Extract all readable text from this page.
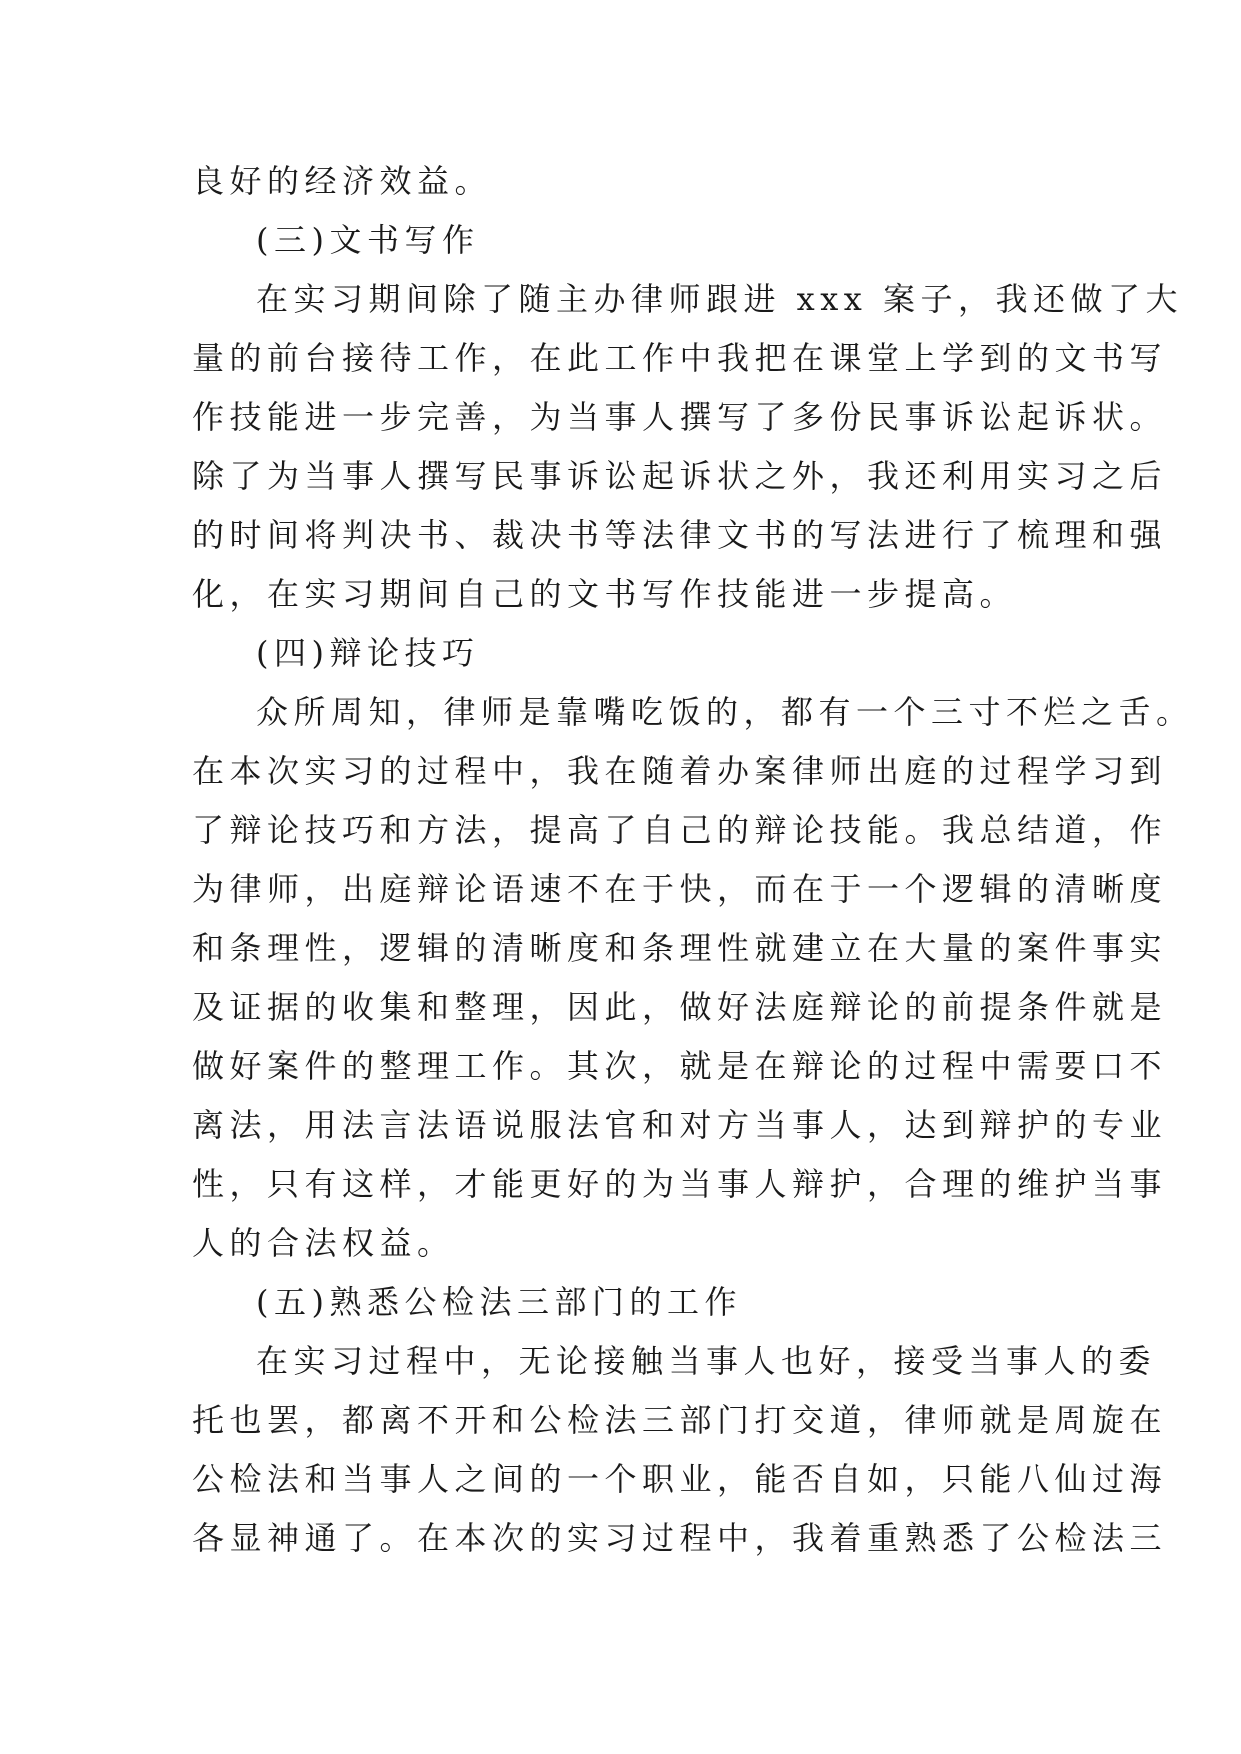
良好的经济效益。
(三)文书写作
在实习期间除了随主办律师跟进 xxx 案子，我还做了大
量的前台接待工作，在此工作中我把在课堂上学到的文书写
作技能进一步完善，为当事人撰写了多份民事诉讼起诉状。
除了为当事人撰写民事诉讼起诉状之外，我还利用实习之后
的时间将判决书、裁决书等法律文书的写法进行了梳理和强
化，在实习期间自己的文书写作技能进一步提高。
(四)辩论技巧
众所周知，律师是靠嘴吃饭的，都有一个三寸不烂之舌。
在本次实习的过程中，我在随着办案律师出庭的过程学习到
了辩论技巧和方法，提高了自己的辩论技能。我总结道，作
为律师，出庭辩论语速不在于快，而在于一个逻辑的清晰度
和条理性，逻辑的清晰度和条理性就建立在大量的案件事实
及证据的收集和整理，因此，做好法庭辩论的前提条件就是
做好案件的整理工作。其次，就是在辩论的过程中需要口不
离法，用法言法语说服法官和对方当事人，达到辩护的专业
性，只有这样，才能更好的为当事人辩护，合理的维护当事
人的合法权益。
(五)熟悉公检法三部门的工作
在实习过程中，无论接触当事人也好，接受当事人的委
托也罢，都离不开和公检法三部门打交道，律师就是周旋在
公检法和当事人之间的一个职业，能否自如，只能八仙过海
各显神通了。在本次的实习过程中，我着重熟悉了公检法三
